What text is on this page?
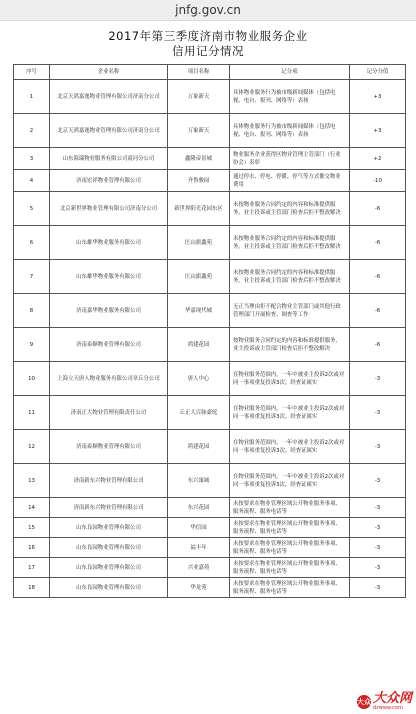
jnfg.gov.cn
2017年第三季度济南市物业服务企业
信用记分情况
序号	企业名称	项目名称	记分项	记分分值
1	北京天鸿嘉逸物业管理有限公司济南分公司	万象新天	具体物业服务行为被市级新闻媒体（包括电视、电台、报刊、网络等）表扬	+3
2	北京天鸿嘉逸物业管理有限公司济南分公司	万象新天	具体物业服务行为被市级新闻媒体（包括电视、电台、报刊、网络等）表扬	+3
3	山东海瑞物业服务有限公司商河分公司	鑫隆帝景城	物业服务企业获得区物业管理主管部门（行业协会）表彰	+2
4	济南宏祥物业管理有限公司	齐鲁骏园	通过停水、停电、停暖、停气等方式催交物业费用	-10
5	北京新世界物业管理有限公司济南分公司	新世界阳光花园东区	未按物业服务合同约定的内容和标准提供服务，业主投诉或主管部门检查后拒不整改解决	-6
6	山东雄华物业服务有限公司	匡山旗鑫苑	未按物业服务合同约定的内容和标准提供服务，业主投诉或主管部门检查后拒不整改解决	-6
7	山东雄华物业服务有限公司	匡山旗鑫苑	未按物业服务合同约定的内容和标准提供服务，业主投诉或主管部门检查后拒不整改解决	-6
8	济南嘉华物业服务有限公司	华嘉现代城	无正当理由拒不配合物业主管部门或其他行政管理部门开展检查、调查等工作	-6
9	济南泰顺物业管理有限公司	鸿建花园	按物业服务合同约定的内容和标准提供服务，业主投诉或主管部门检查后拒不整改解决	-6
10	上海立天唐人物业服务有限公司章丘分公司	唐人中心	在物业服务范围内，一年中被业主投诉2次或对同一事项重复投诉3次，经查证属实	-3
11	济南正大物业管理有限责任公司	丘正大百脉豪庭	在物业服务范围内，一年中被业主投诉2次或对同一事项重复投诉3次，经查证属实	-3
12	济南泰顺物业管理有限公司	鸿建花园	在物业服务范围内，一年中被业主投诉2次或对同一事项重复投诉3次，经查证属实	-3
13	济南新东兴物业管理有限公司	东兴寓城	在物业服务范围内，一年中被业主投诉2次或对同一事项重复投诉3次，经查证属实	-3
14	济南新东兴物业管理有限公司	东兴花园	未按要求在物业管理区域公开物业服务事项、服务流程、服务电话等	-3
15	山东良园物业管理有限公司	华信园	未按要求在物业管理区域公开物业服务事项、服务流程、服务电话等	-3
16	山东良园物业管理有限公司	福丰年	未按要求在物业管理区域公开物业服务事项、服务流程、服务电话等	-3
17	山东良园物业管理有限公司	兴业嘉苑	未按要求在物业管理区域公开物业服务事项、服务流程、服务电话等	-3
18	山东良园物业管理有限公司	华龙苑	未按要求在物业管理区域公开物业服务事项、服务流程、服务电话等	-3
大众 大众网
dzwww.com
